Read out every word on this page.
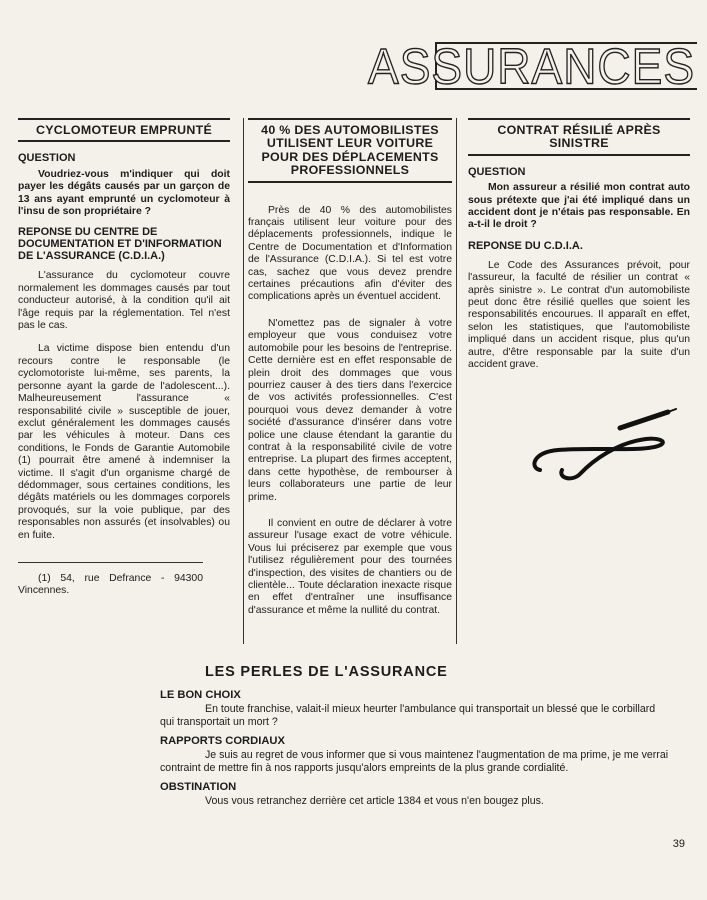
ASSURANCES
CYCLOMOTEUR EMPRUNTÉ
QUESTION
Voudriez-vous m'indiquer qui doit payer les dégâts causés par un garçon de 13 ans ayant emprunté un cyclomoteur à l'insu de son propriétaire ?
REPONSE DU CENTRE DE DOCUMENTATION ET D'INFORMATION DE L'ASSURANCE (C.D.I.A.)
L'assurance du cyclomoteur couvre normalement les dommages causés par tout conducteur autorisé, à la condition qu'il ait l'âge requis par la réglementation. Tel n'est pas le cas.
La victime dispose bien entendu d'un recours contre le responsable (le cyclomotoriste lui-même, ses parents, la personne ayant la garde de l'adolescent...). Malheureusement l'assurance « responsabilité civile » susceptible de jouer, exclut généralement les dommages causés par les véhicules à moteur. Dans ces conditions, le Fonds de Garantie Automobile (1) pourrait être amené à indemniser la victime. Il s'agit d'un organisme chargé de dédommager, sous certaines conditions, les dégâts matériels ou les dommages corporels provoqués, sur la voie publique, par des responsables non assurés (et insolvables) ou en fuite.
(1) 54, rue Defrance - 94300 Vincennes.
40 % DES AUTOMOBILISTES UTILISENT LEUR VOITURE POUR DES DÉPLACEMENTS PROFESSIONNELS
Près de 40 % des automobilistes français utilisent leur voiture pour des déplacements professionnels, indique le Centre de Documentation et d'Information de l'Assurance (C.D.I.A.). Si tel est votre cas, sachez que vous devez prendre certaines précautions afin d'éviter des complications après un éventuel accident.
N'omettez pas de signaler à votre employeur que vous conduisez votre automobile pour les besoins de l'entreprise. Cette dernière est en effet responsable de plein droit des dommages que vous pourriez causer à des tiers dans l'exercice de vos activités professionnelles. C'est pourquoi vous devez demander à votre société d'assurance d'insérer dans votre police une clause étendant la garantie du contrat à la responsabilité civile de votre entreprise. La plupart des firmes acceptent, dans cette hypothèse, de rembourser à leurs collaborateurs une partie de leur prime.
Il convient en outre de déclarer à votre assureur l'usage exact de votre véhicule. Vous lui préciserez par exemple que vous l'utilisez régulièrement pour des tournées d'inspection, des visites de chantiers ou de clientèle... Toute déclaration inexacte risque en effet d'entraîner une insuffisance d'assurance et même la nullité du contrat.
CONTRAT RÉSILIÉ APRÈS SINISTRE
QUESTION
Mon assureur a résilié mon contrat auto sous prétexte que j'ai été impliqué dans un accident dont je n'étais pas responsable. En a-t-il le droit ?
REPONSE DU C.D.I.A.
Le Code des Assurances prévoit, pour l'assureur, la faculté de résilier un contrat « après sinistre ». Le contrat d'un automobiliste peut donc être résilié quelles que soient les responsabilités encourues. Il apparaît en effet, selon les statistiques, que l'automobiliste impliqué dans un accident risque, plus qu'un autre, d'être responsable par la suite d'un accident grave.
LES PERLES DE L'ASSURANCE
LE BON CHOIX
En toute franchise, valait-il mieux heurter l'ambulance qui transportait un blessé que le corbillard qui transportait un mort ?
RAPPORTS CORDIAUX
Je suis au regret de vous informer que si vous maintenez l'augmentation de ma prime, je me verrai contraint de mettre fin à nos rapports jusqu'alors empreints de la plus grande cordialité.
OBSTINATION
Vous vous retranchez derrière cet article 1384 et vous n'en bougez plus.
39
